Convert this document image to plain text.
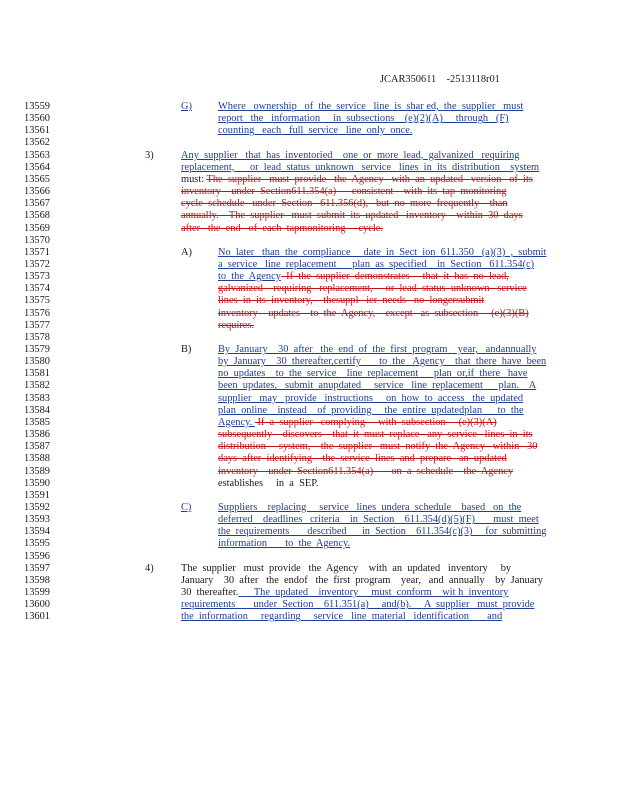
JCAR350611    -2513118r01
13559
13560
13561
13562
13563
13564
13565
13566
13567
13568
13569
13570
13571
13572
13573
13574
13575
13576
13577
13578
13579
13580
13581
13582
13583
13584
13585
13586
13587
13588
13589
13590
13591
13592
13593
13594
13595
13596
13597
13598
13599
13600
13601
G)
3)
A)
B)
C)
4)
Where   ownership   of  the  service   line  is  shar ed,  the  supplier   must
report   the   information     in  subsections    (e)(2)(A)     through   (F)
counting   each   full  service   line  only  once.
Any  supplier   that  has  inventoried    one  or  more  lead,  galvanized   requiring
replacement,      or  lead  status  unknown   service   lines  in  its  distribution    system
must: The  supplier   must  provide   the  Agency   with  an  updated   version   of  its
inventory    under  Section611.354(a)      consistent    with  its  tap  monitoring
cycle  schedule   under  Section   611.356(d),   but  no  more  frequently    than
annually.    The  supplier   must  submit  its  updated   inventory    within  30  days
after   the  end   of  each  tapmonitoring     cycle.
No  later   than  the  compliance     date  in  Sect  ion  611.350   (a)(3)  ,  submit
a  service   line  replacement      plan  as  specified    in  Section   611.354(c)
to  the  Agency  If  the  supplier  demonstrates     that  it  has  no  lead,
galvanized    requiring   replacement,     or  lead  status  unknown   service
lines  in  its  inventory,    thesuppl   ier  needs   no  longersubmit
inventory    updates    to  the  Agency,    except   as  subsection     (e)(3)(B)
requires.
By  January    30  after   the  end  of  the  first  program    year,   andannually
by  January    30  thereafter,certify       to  the   Agency    that  there  have  been
no  updates    to  the  service    line  replacement      plan  or,if  there   have
been  updates,   submit  anupdated     service   line  replacement      plan.    A
supplier   may   provide   instructions     on  how  to  access   the  updated
plan  online    instead    of  providing     the  entire  updatedplan      to  the
Agency.  If  a  supplier   complying     with  subsection     (e)(3)(A)
subsequently    discovers    that  it  must  replace   any  service   lines  in  its
distribution     system,    the  supplier   must  notify  the  Agency   within   30
days  after  identifying    the  service  lines  and  prepare   an  updated
inventory    under  Section611.354(a)       on  a  schedule    the  Agency
establishes     in  a  SEP.
Suppliers    replacing     service   lines  undera  schedule    based   on  the
deferred    deadlines   criteria    in  Section    611.354(d)(5)(F)       must  meet
the  requirements       described      in  Section    611.354(c)(3)     for  submitting
information       to  the  Agency.
The  supplier   must  provide   the  Agency    with  an  updated   inventory     by
January    30  after   the  endof   the  first  program    year,   and  annually    by  January
30  thereafter.      The  updated    inventory     must  conform    wit h  inventory
requirements       under  Section    611.351(a)     and(b).     A  supplier   must  provide
the  information     regarding     service   line  material   identification       and
